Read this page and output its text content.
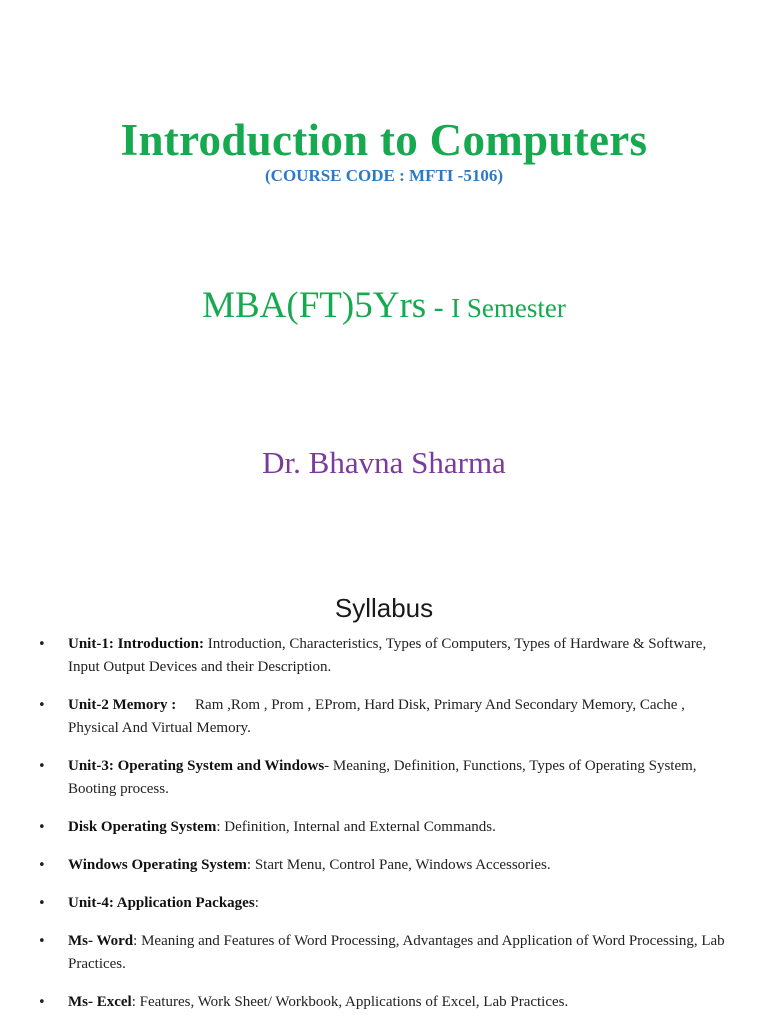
Introduction to Computers
(COURSE CODE : MFTI -5106)
MBA(FT)5Yrs - I Semester
Dr. Bhavna Sharma
Syllabus
• Unit-1: Introduction: Introduction, Characteristics, Types of Computers, Types of Hardware & Software, Input Output Devices and their Description.
• Unit-2 Memory :     Ram ,Rom , Prom , EProm, Hard Disk, Primary And Secondary Memory, Cache , Physical And Virtual Memory.
• Unit-3: Operating System and Windows- Meaning, Definition, Functions, Types of Operating System, Booting process.
• Disk Operating System: Definition, Internal and External Commands.
• Windows Operating System: Start Menu, Control Pane, Windows Accessories.
• Unit-4: Application Packages:
• Ms- Word: Meaning and Features of Word Processing, Advantages and Application of Word Processing, Lab Practices.
• Ms- Excel: Features, Work Sheet/ Workbook, Applications of Excel, Lab Practices.
